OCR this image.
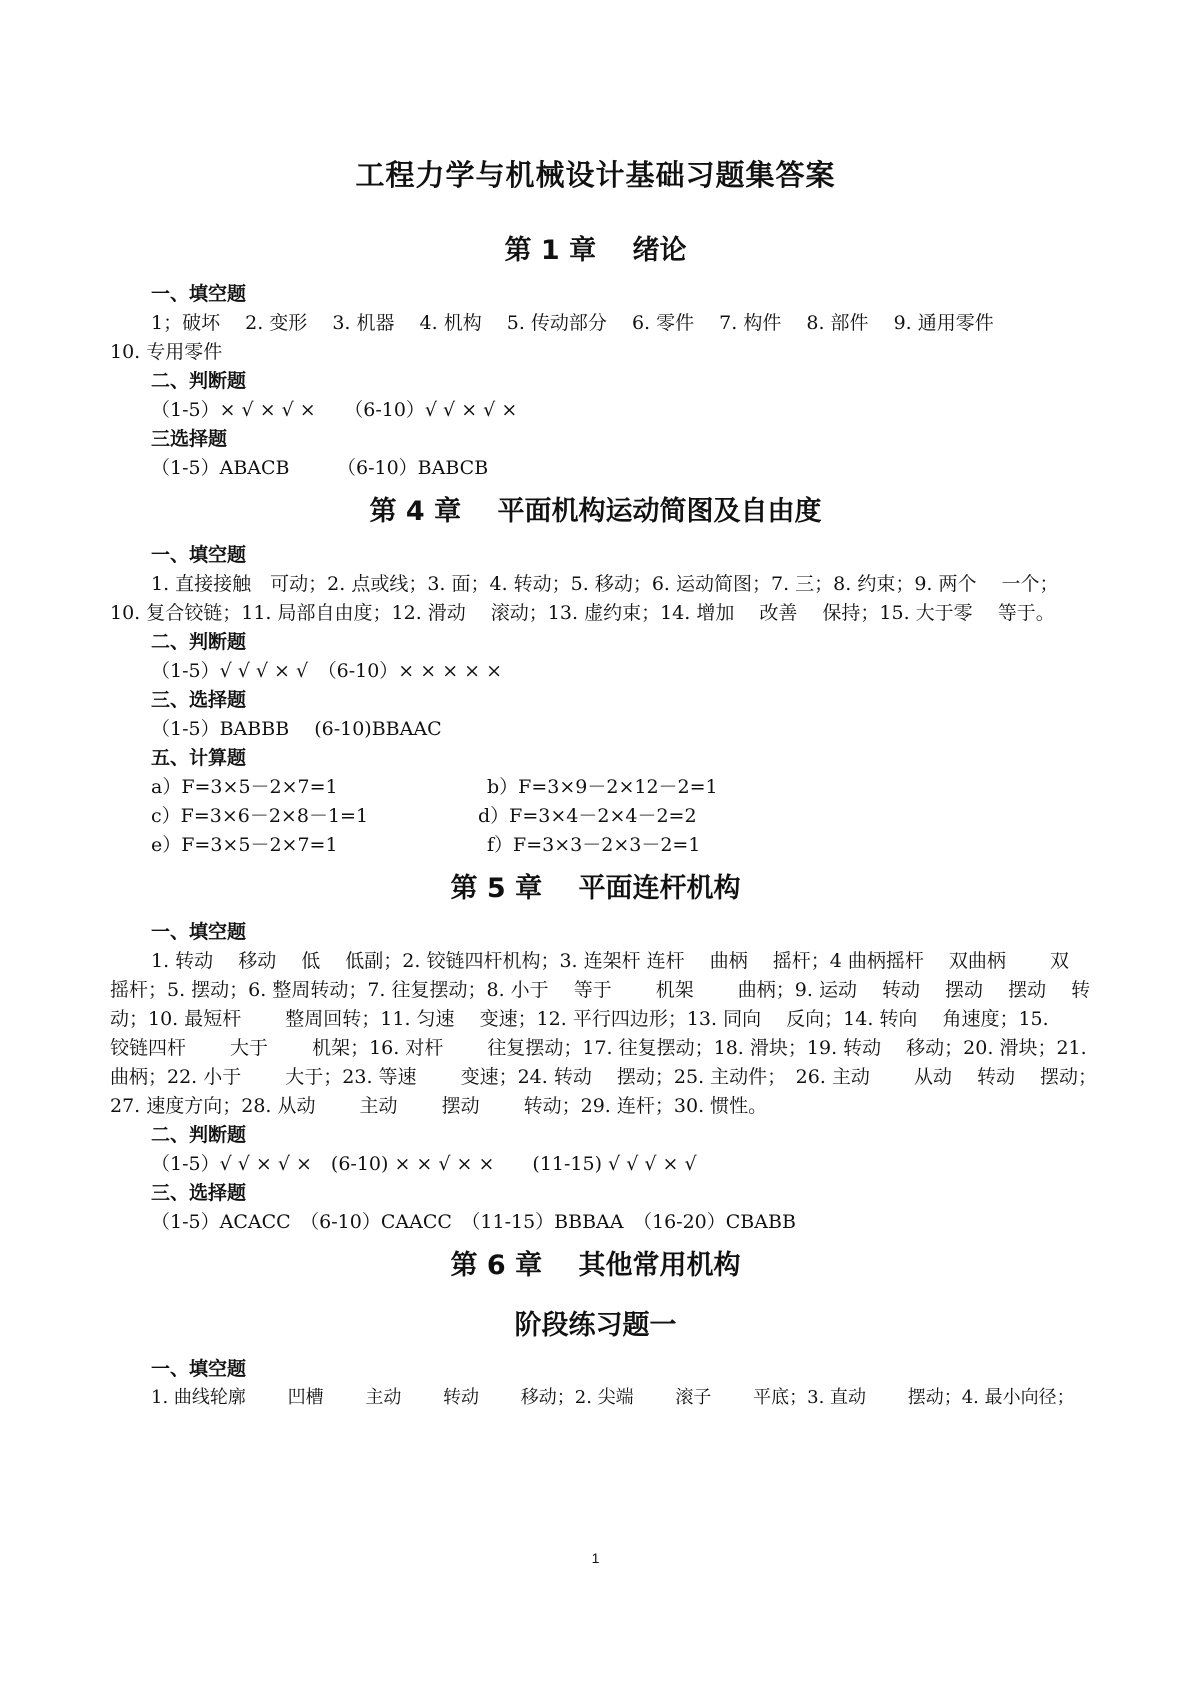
工程力学与机械设计基础习题集答案
第 1 章　 绪论
一、填空题
1；破坏　 2. 变形　 3. 机器　 4. 机构　 5. 传动部分　 6. 零件　 7. 构件　 8. 部件　 9. 通用零件
10. 专用零件
二、判断题
（1-5）× √ × √ ×　　（6-10）√ √ × √ ×
三选择题
（1-5）ABACB　　　（6-10）BABCB
第 4 章　 平面机构运动简图及自由度
一、填空题
1. 直接接触　可动；2. 点或线；3. 面；4. 转动；5. 移动；6. 运动简图；7. 三；8. 约束；9. 两个　 一个；
10. 复合铰链；11. 局部自由度；12. 滑动　 滚动；13. 虚约束；14. 增加　 改善　 保持；15. 大于零　 等于。
二、判断题
（1-5）√ √ √ × √　（6-10）× × × × ×
三、选择题
（1-5）BABBB　 (6-10)BBAAC
五、计算题
a）F=3×5－2×7=1	b）F=3×9－2×12－2=1
c）F=3×6－2×8－1=1	d）F=3×4－2×4－2=2
e）F=3×5－2×7=1	f）F=3×3－2×3－2=1
第 5 章　 平面连杆机构
一、填空题
1. 转动　 移动　 低　 低副；2. 铰链四杆机构；3. 连架杆 连杆　 曲柄　 摇杆；4 曲柄摇杆　 双曲柄　　 双
摇杆；5. 摆动；6. 整周转动；7. 往复摆动；8. 小于　 等于　　 机架　　 曲柄；9. 运动　 转动　 摆动　 摆动　 转
动；10. 最短杆　　 整周回转；11. 匀速　 变速；12. 平行四边形；13. 同向　 反向；14. 转向　 角速度；15.
铰链四杆　　 大于　　 机架；16. 对杆　　 往复摆动；17. 往复摆动；18. 滑块；19. 转动　 移动；20. 滑块；21.
曲柄；22. 小于　　 大于；23. 等速　　 变速；24. 转动　 摆动；25. 主动件；　26. 主动　　 从动　 转动　 摆动；
27. 速度方向；28. 从动　　 主动　　 摆动　　 转动；29. 连杆；30. 惯性。
二、判断题
（1-5）√ √ × √ ×　(6-10) × × √ × ×　　(11-15) √ √ √ × √
三、选择题
（1-5）ACACC　（6-10）CAACC　（11-15）BBBAA　（16-20）CBABB
第 6 章　 其他常用机构
阶段练习题一
一、填空题
1. 曲线轮廓　　 凹槽　　 主动　　 转动　　 移动；2. 尖端　　 滚子　　 平底；3. 直动　　 摆动；4. 最小向径；
1
